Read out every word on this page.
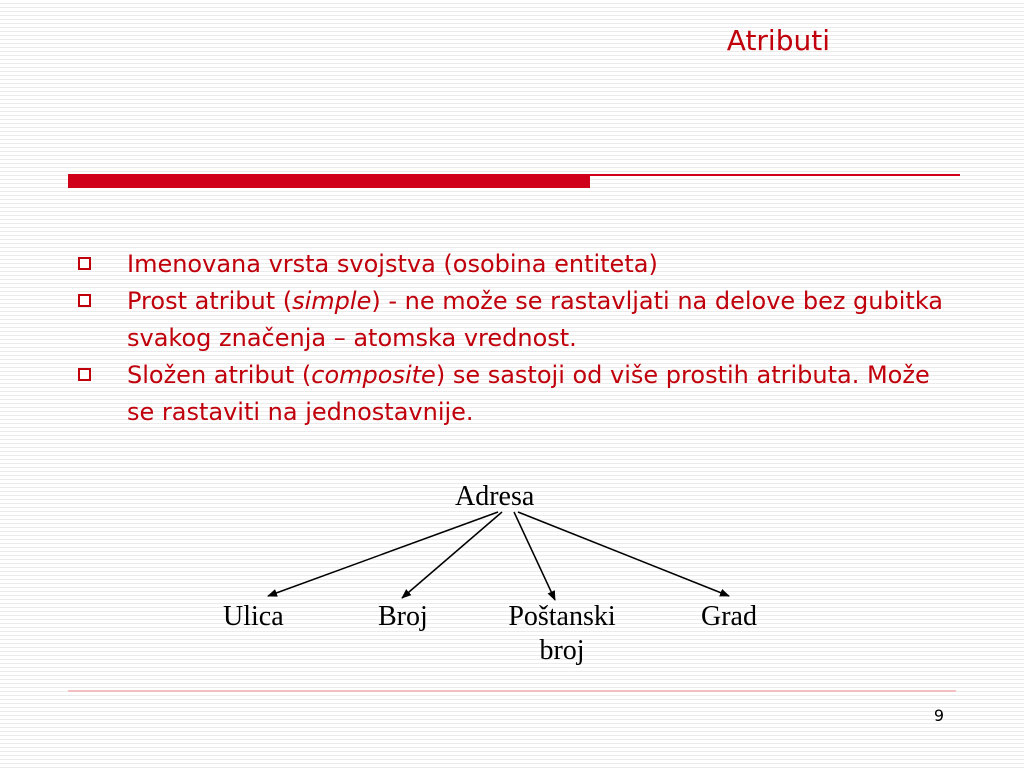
Atributi
Imenovana vrsta svojstva (osobina entiteta)
Prost atribut (simple) - ne može se rastavljati na delove bez gubitka svakog značenja – atomska vrednost.
Složen atribut (composite) se sastoji od više prostih atributa. Može se rastaviti na jednostavnije.
Adresa
Ulica	Broj	Poštanski broj
Grad
9
